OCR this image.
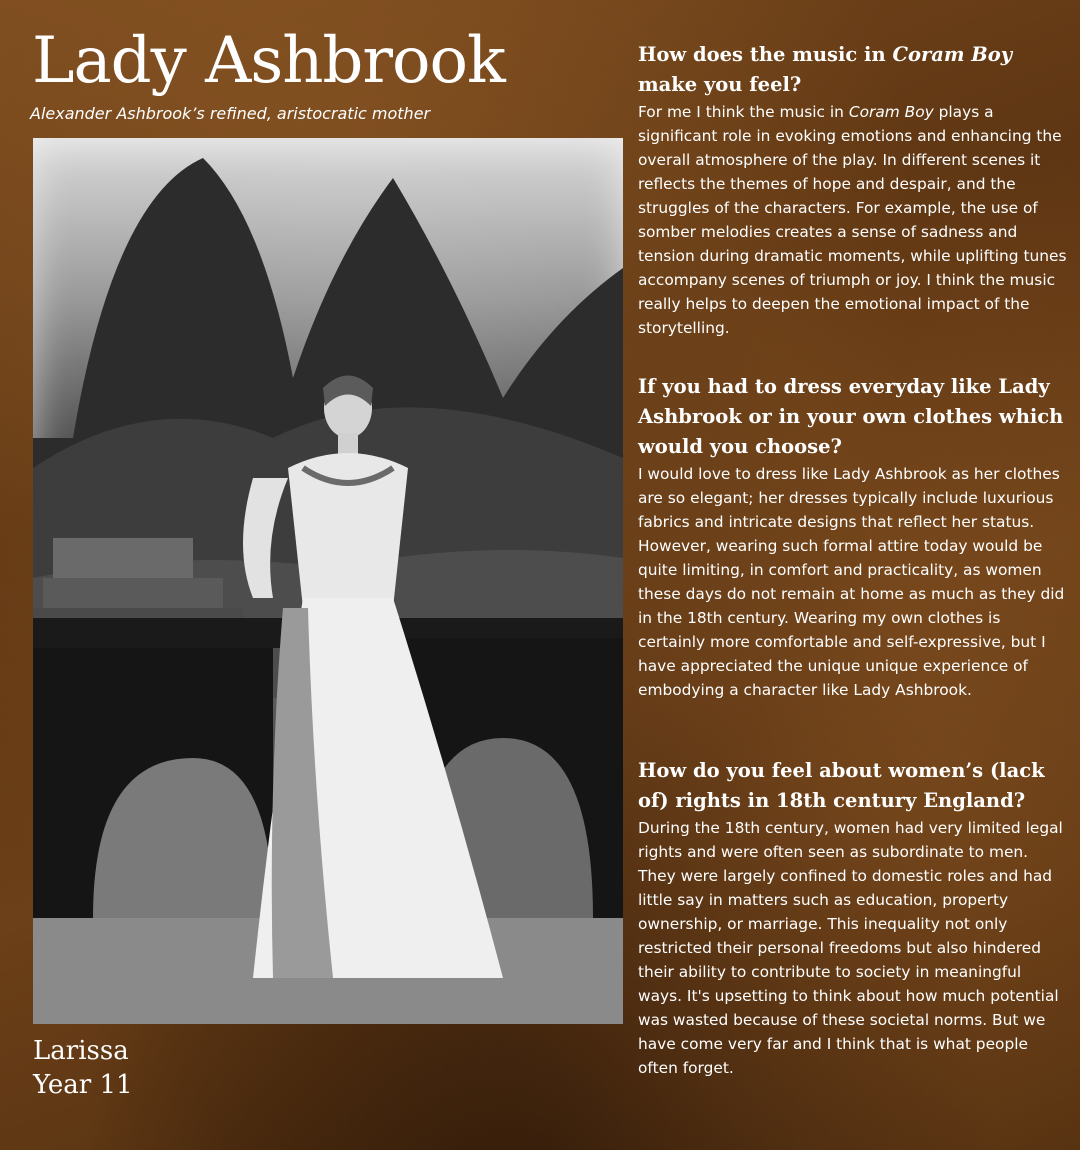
Lady Ashbrook

Alexander Ashbrook’s refined, aristocratic mother

Larissa
Year 11

How does the music in Coram Boy make you feel?

For me I think the music in Coram Boy plays a significant role in evoking emotions and enhancing the overall atmosphere of the play. In different scenes it reflects the themes of hope and despair, and the struggles of the characters. For example, the use of somber melodies creates a sense of sadness and tension during dramatic moments, while uplifting tunes accompany scenes of triumph or joy. I think the music really helps to deepen the emotional impact of the storytelling.

If you had to dress everyday like Lady Ashbrook or in your own clothes which would you choose?

I would love to dress like Lady Ashbrook as her clothes are so elegant; her dresses typically include luxurious fabrics and intricate designs that reflect her status. However, wearing such formal attire today would be quite limiting, in comfort and practicality, as women these days do not remain at home as much as they did in the 18th century. Wearing my own clothes is certainly more comfortable and self-expressive, but I have appreciated the unique unique experience of embodying a character like Lady Ashbrook.

How do you feel about women’s (lack of) rights in 18th century England?

During the 18th century, women had very limited legal rights and were often seen as subordinate to men. They were largely confined to domestic roles and had little say in matters such as education, property ownership, or marriage. This inequality not only restricted their personal freedoms but also hindered their ability to contribute to society in meaningful ways. It's upsetting to think about how much potential was wasted because of these societal norms. But we have come very far and I think that is what people often forget.
